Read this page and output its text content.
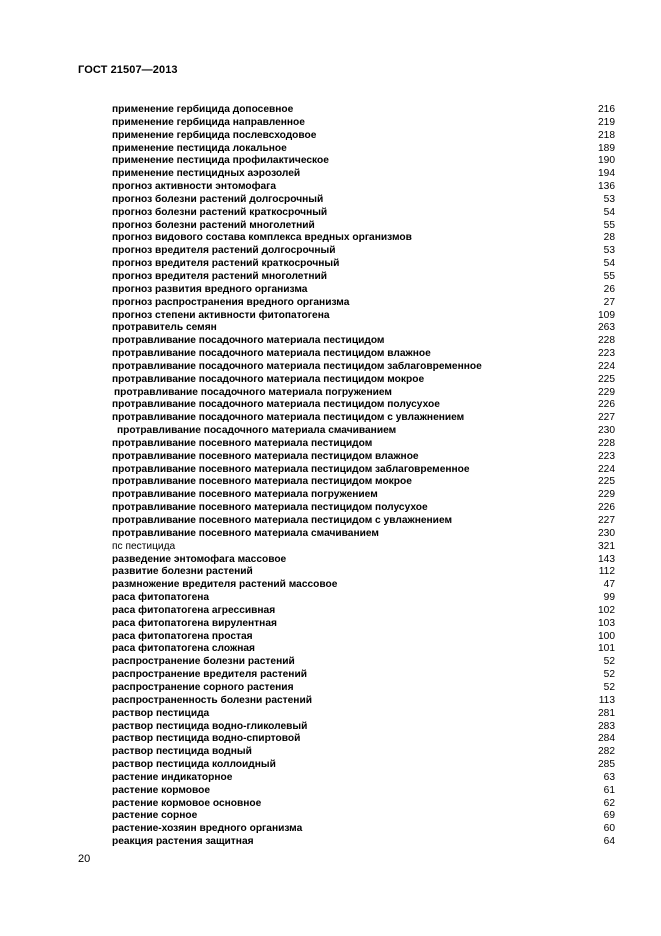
ГОСТ 21507—2013
применение гербицида допосевное	216
применение гербицида направленное	219
применение гербицида послевсходовое	218
применение пестицида локальное	189
применение пестицида профилактическое	190
применение пестицидных аэрозолей	194
прогноз активности энтомофага	136
прогноз болезни растений долгосрочный	53
прогноз болезни растений краткосрочный	54
прогноз болезни растений многолетний	55
прогноз видового состава комплекса вредных организмов	28
прогноз вредителя растений долгосрочный	53
прогноз вредителя растений краткосрочный	54
прогноз вредителя растений многолетний	55
прогноз развития вредного организма	26
прогноз распространения вредного организма	27
прогноз степени активности фитопатогена	109
протравитель семян	263
протравливание посадочного материала пестицидом	228
протравливание посадочного материала пестицидом влажное	223
протравливание посадочного материала пестицидом заблаговременное	224
протравливание посадочного материала пестицидом мокрое	225
протравливание посадочного материала погружением	229
протравливание посадочного материала пестицидом полусухое	226
протравливание посадочного материала пестицидом с увлажнением	227
протравливание посадочного материала смачиванием	230
протравливание посевного материала пестицидом	228
протравливание посевного материала пестицидом влажное	223
протравливание посевного материала пестицидом заблаговременное	224
протравливание посевного материала пестицидом мокрое	225
протравливание посевного материала погружением	229
протравливание посевного материала пестицидом полусухое	226
протравливание посевного материала пестицидом с увлажнением	227
протравливание посевного материала смачиванием	230
пс пестицида	321
разведение энтомофага массовое	143
развитие болезни растений	112
размножение вредителя растений массовое	47
раса фитопатогена	99
раса фитопатогена агрессивная	102
раса фитопатогена вирулентная	103
раса фитопатогена простая	100
раса фитопатогена сложная	101
распространение болезни растений	52
распространение вредителя растений	52
распространение сорного растения	52
распространенность болезни растений	113
раствор пестицида	281
раствор пестицида водно-гликолевый	283
раствор пестицида водно-спиртовой	284
раствор пестицида водный	282
раствор пестицида коллоидный	285
растение индикаторное	63
растение кормовое	61
растение кормовое основное	62
растение сорное	69
растение-хозяин вредного организма	60
реакция растения защитная	64
20
